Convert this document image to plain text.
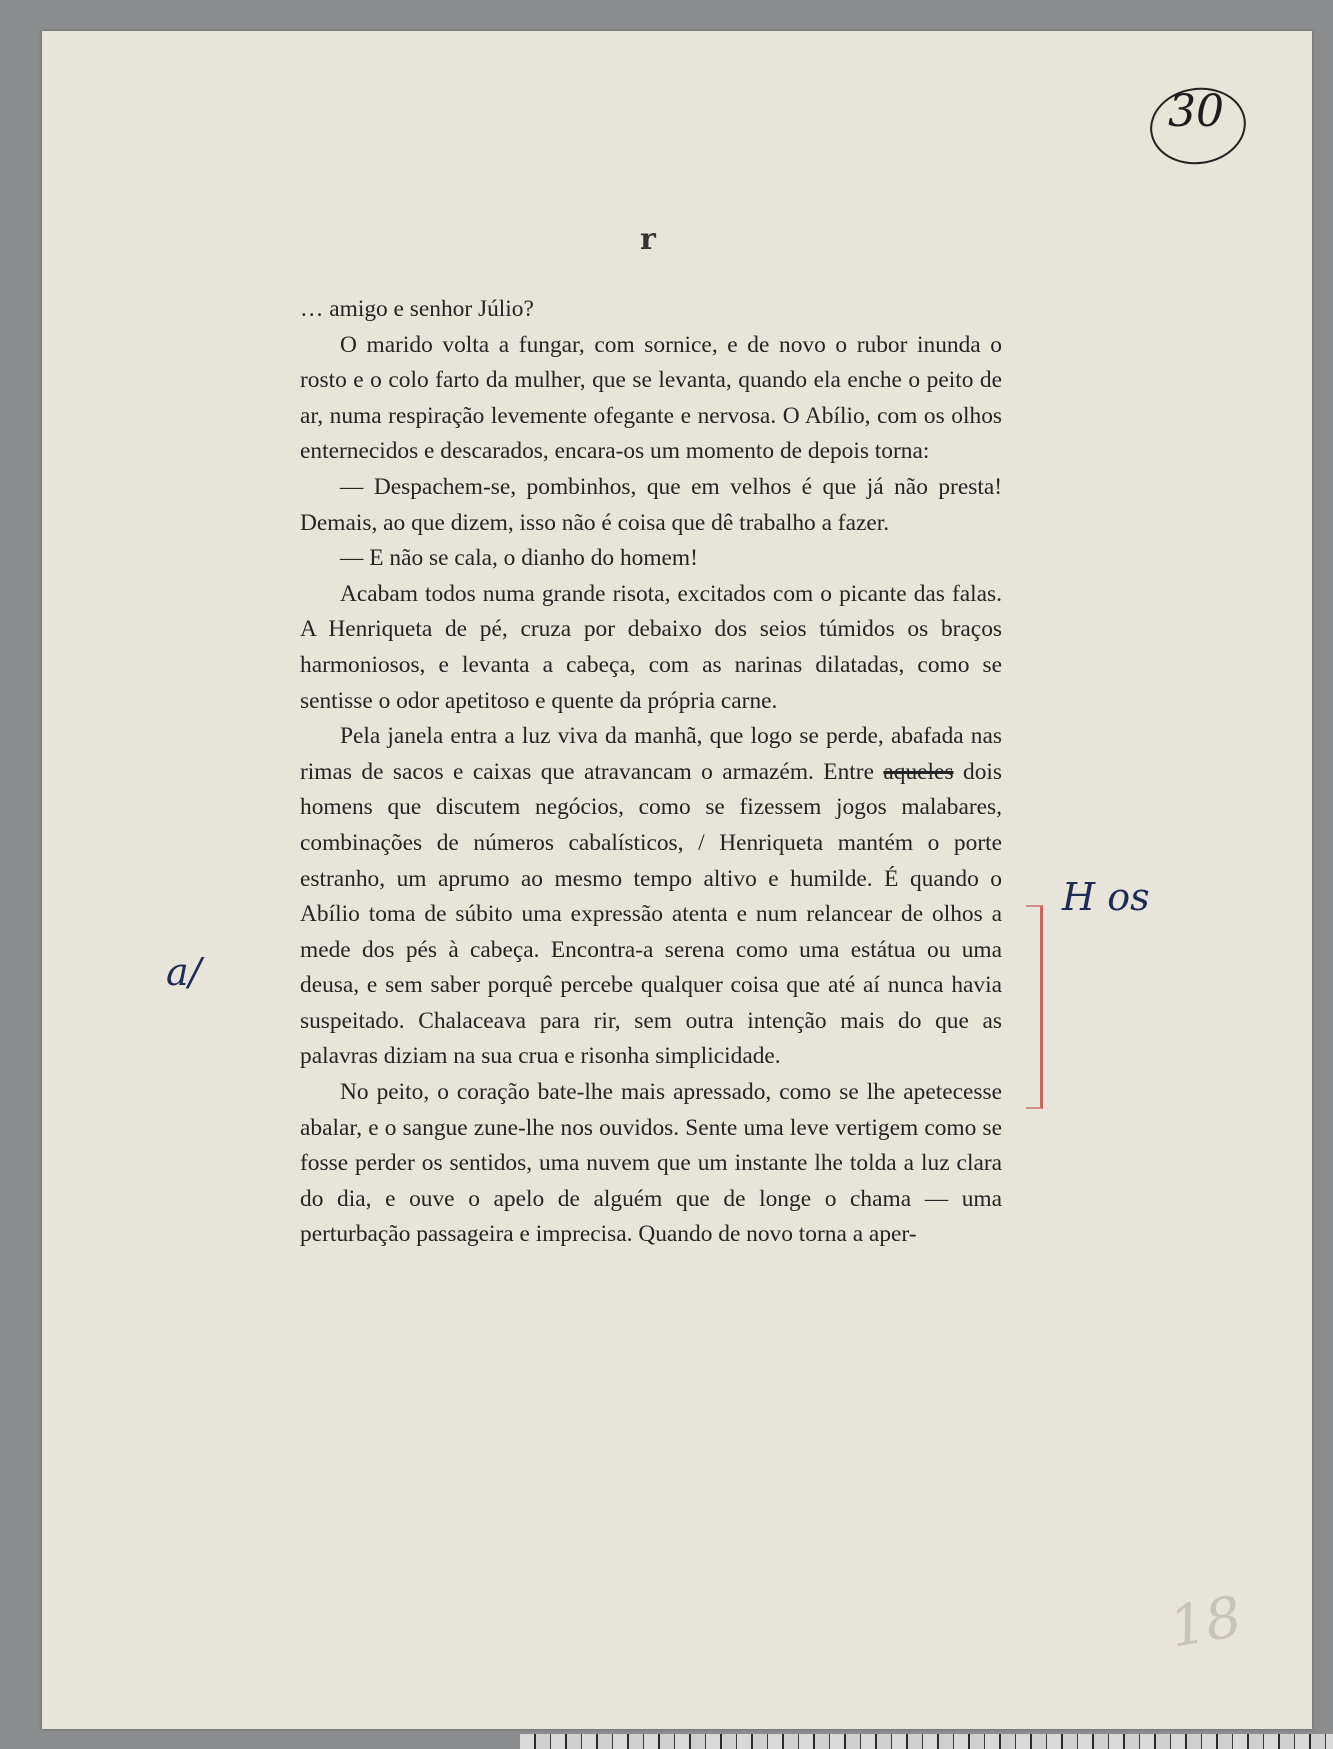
30
r

… amigo e senhor Júlio?

O marido volta a fungar, com sornice, e de novo o rubor inunda o rosto e o colo farto da mulher, que se levanta, quando ela enche o peito de ar, numa respiração levemente ofegante e nervosa. O Abílio, com os olhos enternecidos e descarados, encara-os um momento de depois torna:

— Despachem-se, pombinhos, que em velhos é que já não presta! Demais, ao que dizem, isso não é coisa que dê trabalho a fazer.

— E não se cala, o dianho do homem!

Acabam todos numa grande risota, excitados com o picante das falas. A Henriqueta de pé, cruza por debaixo dos seios túmidos os braços harmoniosos, e levanta a cabeça, com as narinas dilatadas, como se sentisse o odor apetitoso e quente da própria carne.

Pela janela entra a luz viva da manhã, que logo se perde, abafada nas rimas de sacos e caixas que atravancam o armazém. Entre aqueles dois homens que discutem negócios, como se fizessem jogos malabares, combinações de números cabalísticos, / Henriqueta mantém o porte estranho, um aprumo ao mesmo tempo altivo e humilde. É quando o Abílio toma de súbito uma expressão atenta e num relancear de olhos a mede dos pés à cabeça. Encontra-a serena como uma estátua ou uma deusa, e sem saber porquê percebe qualquer coisa que até aí nunca havia suspeitado. Chalaceava para rir, sem outra intenção mais do que as palavras diziam na sua crua e risonha simplicidade.

No peito, o coração bate-lhe mais apressado, como se lhe apetecesse abalar, e o sangue zune-lhe nos ouvidos. Sente uma leve vertigem como se fosse perder os sentidos, uma nuvem que um instante lhe tolda a luz clara do dia, e ouve o apelo de alguém que de longe o chama — uma perturbação passageira e imprecisa. Quando de novo torna a aper-

a/
H os
18
